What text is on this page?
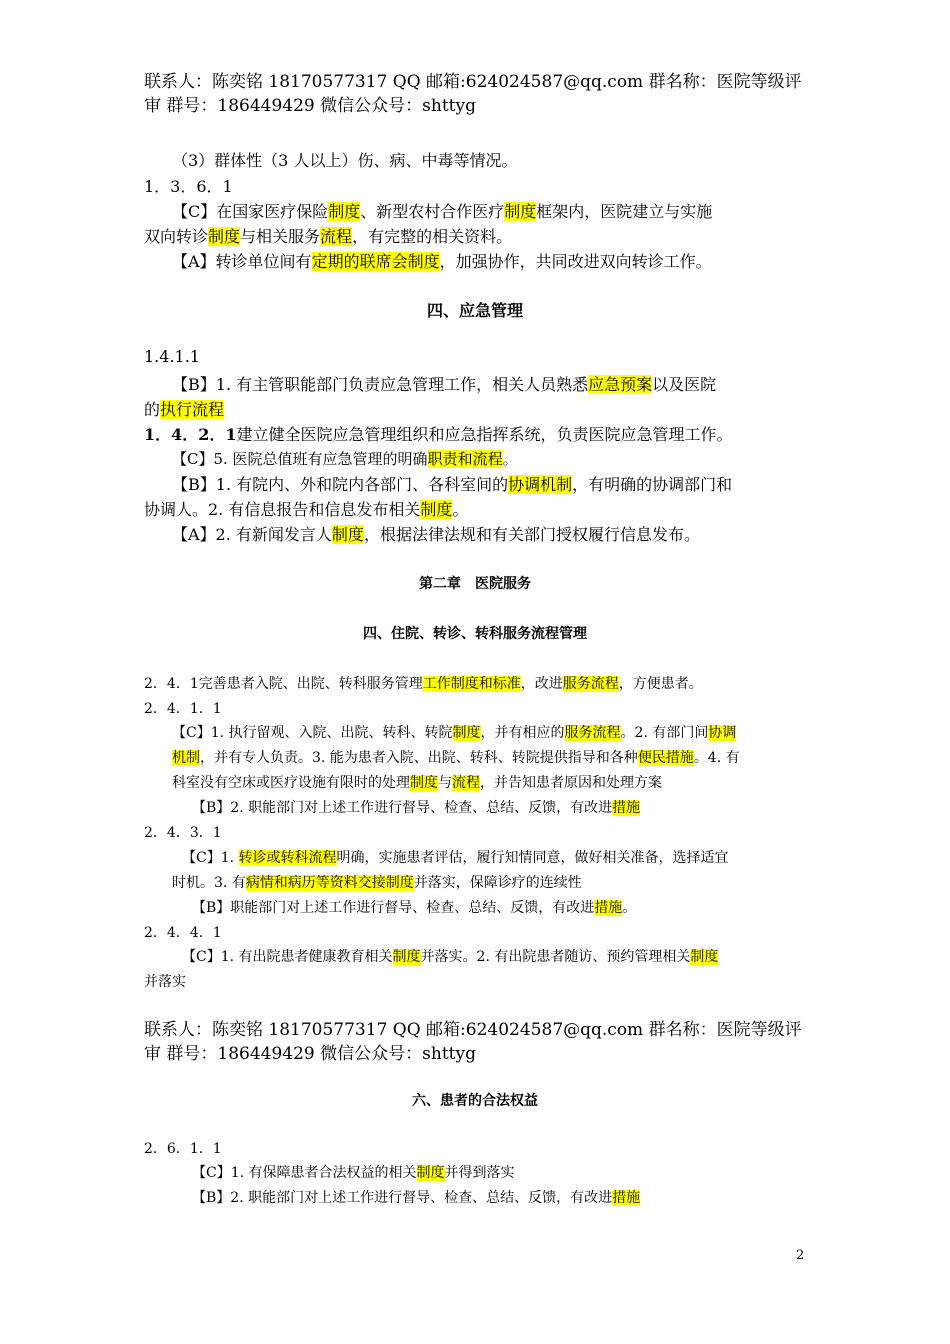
联系人：陈奕铭 18170577317 QQ 邮箱:624024587@qq.com 群名称：医院等级评
审 群号：186449429 微信公众号：shttyg
（3）群体性（3 人以上）伤、病、中毒等情况。
1．3．6．1
【C】在国家医疗保险制度、新型农村合作医疗制度框架内，医院建立与实施
双向转诊制度与相关服务流程，有完整的相关资料。
【A】转诊单位间有定期的联席会制度，加强协作，共同改进双向转诊工作。
四、应急管理
1.4.1.1
【B】1. 有主管职能部门负责应急管理工作，相关人员熟悉应急预案以及医院
的执行流程
1．4．2．1建立健全医院应急管理组织和应急指挥系统，负责医院应急管理工作。
【C】5. 医院总值班有应急管理的明确职责和流程。
【B】1. 有院内、外和院内各部门、各科室间的协调机制，有明确的协调部门和
协调人。2. 有信息报告和信息发布相关制度。
【A】2. 有新闻发言人制度，根据法律法规和有关部门授权履行信息发布。
第二章　医院服务
四、住院、转诊、转科服务流程管理
2．4．1完善患者入院、出院、转科服务管理工作制度和标准，改进服务流程，方便患者。
2．4．1．1
【C】1. 执行留观、入院、出院、转科、转院制度，并有相应的服务流程。2. 有部门间协调
机制，并有专人负责。3. 能为患者入院、出院、转科、转院提供指导和各种便民措施。4. 有
科室没有空床或医疗设施有限时的处理制度与流程，并告知患者原因和处理方案
【B】2. 职能部门对上述工作进行督导、检查、总结、反馈，有改进措施
2．4．3．1
【C】1. 转诊或转科流程明确，实施患者评估，履行知情同意，做好相关准备，选择适宜
时机。3. 有病情和病历等资料交接制度并落实，保障诊疗的连续性
【B】职能部门对上述工作进行督导、检查、总结、反馈，有改进措施。
2．4．4．1
【C】1. 有出院患者健康教育相关制度并落实。2. 有出院患者随访、预约管理相关制度
并落实
联系人：陈奕铭 18170577317 QQ 邮箱:624024587@qq.com 群名称：医院等级评
审 群号：186449429 微信公众号：shttyg
六、患者的合法权益
2．6．1．1
【C】1. 有保障患者合法权益的相关制度并得到落实
【B】2. 职能部门对上述工作进行督导、检查、总结、反馈，有改进措施
2
